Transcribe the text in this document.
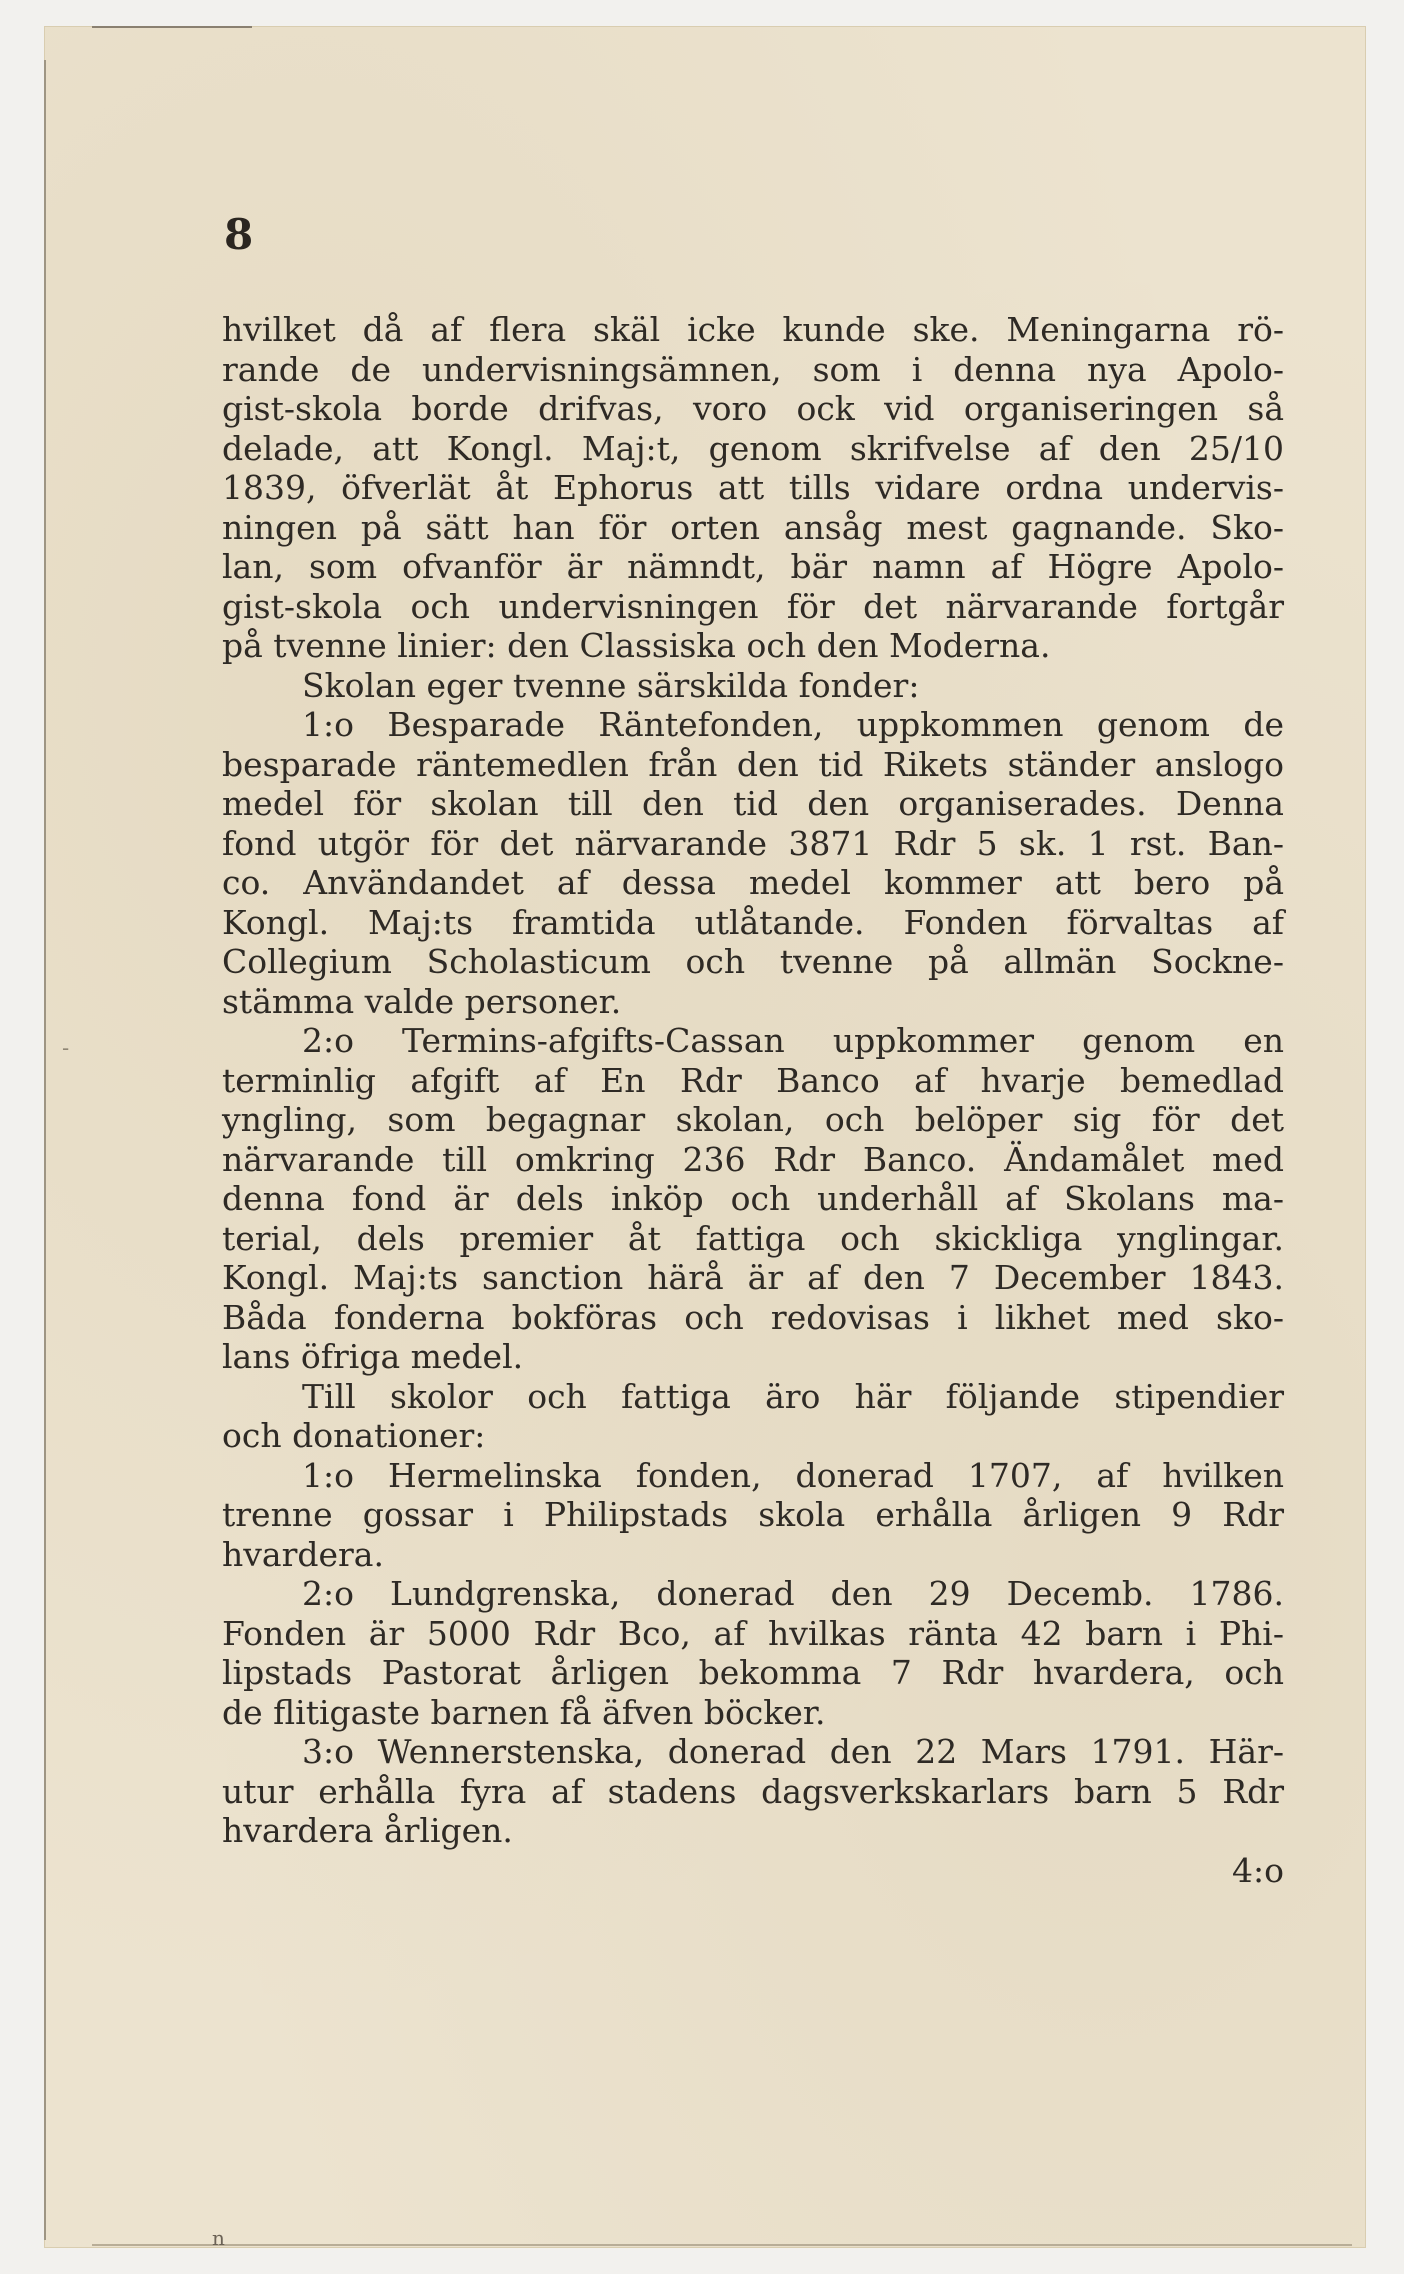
-
8
hvilket då af flera skäl icke kunde ske. Meningarna rö-
rande de undervisningsämnen, som i denna nya Apolo-
gist-skola borde drifvas, voro ock vid organiseringen så
delade, att Kongl. Maj:t, genom skrifvelse af den 25/10
1839, öfverlät åt Ephorus att tills vidare ordna undervis-
ningen på sätt han för orten ansåg mest gagnande. Sko-
lan, som ofvanför är nämndt, bär namn af Högre Apolo-
gist-skola och undervisningen för det närvarande fortgår
på tvenne linier: den Classiska och den Moderna.
Skolan eger tvenne särskilda fonder:
1:o Besparade Räntefonden, uppkommen genom de
besparade räntemedlen från den tid Rikets ständer anslogo
medel för skolan till den tid den organiserades. Denna
fond utgör för det närvarande 3871 Rdr 5 sk. 1 rst. Ban-
co. Användandet af dessa medel kommer att bero på
Kongl. Maj:ts framtida utlåtande. Fonden förvaltas af
Collegium Scholasticum och tvenne på allmän Sockne-
stämma valde personer.
2:o Termins-afgifts-Cassan uppkommer genom en
terminlig afgift af En Rdr Banco af hvarje bemedlad
yngling, som begagnar skolan, och belöper sig för det
närvarande till omkring 236 Rdr Banco. Ändamålet med
denna fond är dels inköp och underhåll af Skolans ma-
terial, dels premier åt fattiga och skickliga ynglingar.
Kongl. Maj:ts sanction härå är af den 7 December 1843.
Båda fonderna bokföras och redovisas i likhet med sko-
lans öfriga medel.
Till skolor och fattiga äro här följande stipendier
och donationer:
1:o Hermelinska fonden, donerad 1707, af hvilken
trenne gossar i Philipstads skola erhålla årligen 9 Rdr
hvardera.
2:o Lundgrenska, donerad den 29 Decemb. 1786.
Fonden är 5000 Rdr Bco, af hvilkas ränta 42 barn i Phi-
lipstads Pastorat årligen bekomma 7 Rdr hvardera, och
de flitigaste barnen få äfven böcker.
3:o Wennerstenska, donerad den 22 Mars 1791. Här-
utur erhålla fyra af stadens dagsverkskarlars barn 5 Rdr
hvardera årligen.
4:o
n
